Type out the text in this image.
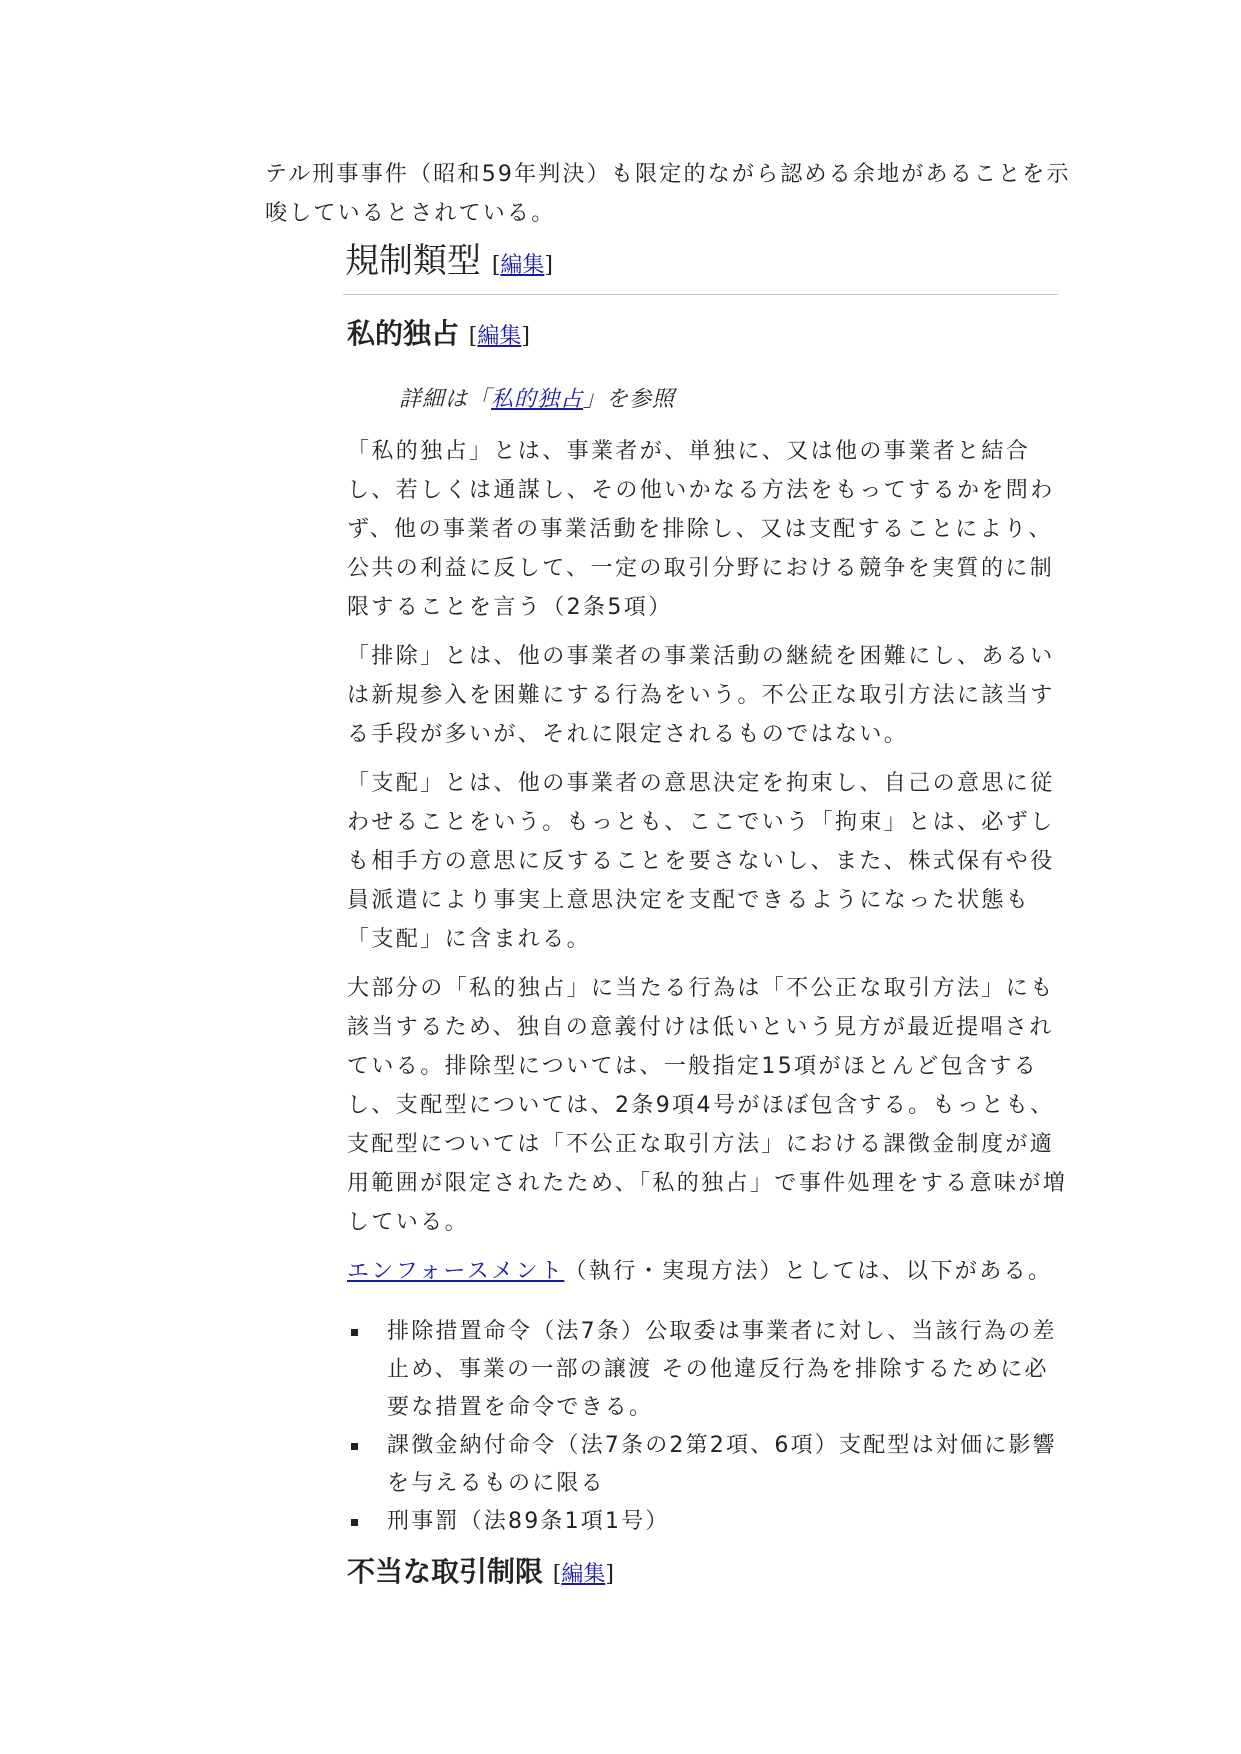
テル刑事事件（昭和59年判決）も限定的ながら認める余地があることを示唆しているとされている。

規制類型 [編集]
私的独占 [編集]
詳細は「私的独占」を参照

「私的独占」とは、事業者が、単独に、又は他の事業者と結合し、若しくは通謀し、その他いかなる方法をもってするかを問わず、他の事業者の事業活動を排除し、又は支配することにより、公共の利益に反して、一定の取引分野における競争を実質的に制限することを言う（2条5項）

「排除」とは、他の事業者の事業活動の継続を困難にし、あるいは新規参入を困難にする行為をいう。不公正な取引方法に該当する手段が多いが、それに限定されるものではない。

「支配」とは、他の事業者の意思決定を拘束し、自己の意思に従わせることをいう。もっとも、ここでいう「拘束」とは、必ずしも相手方の意思に反することを要さないし、また、株式保有や役員派遣により事実上意思決定を支配できるようになった状態も「支配」に含まれる。

大部分の「私的独占」に当たる行為は「不公正な取引方法」にも該当するため、独自の意義付けは低いという見方が最近提唱されている。排除型については、一般指定15項がほとんど包含するし、支配型については、2条9項4号がほぼ包含する。もっとも、支配型については「不公正な取引方法」における課徴金制度が適用範囲が限定されたため、「私的独占」で事件処理をする意味が増している。

エンフォースメント（執行・実現方法）としては、以下がある。

排除措置命令（法7条）公取委は事業者に対し、当該行為の差止め、事業の一部の譲渡 その他違反行為を排除するために必要な措置を命令できる。
課徴金納付命令（法7条の2第2項、6項）支配型は対価に影響を与えるものに限る
刑事罰（法89条1項1号）
不当な取引制限 [編集]
